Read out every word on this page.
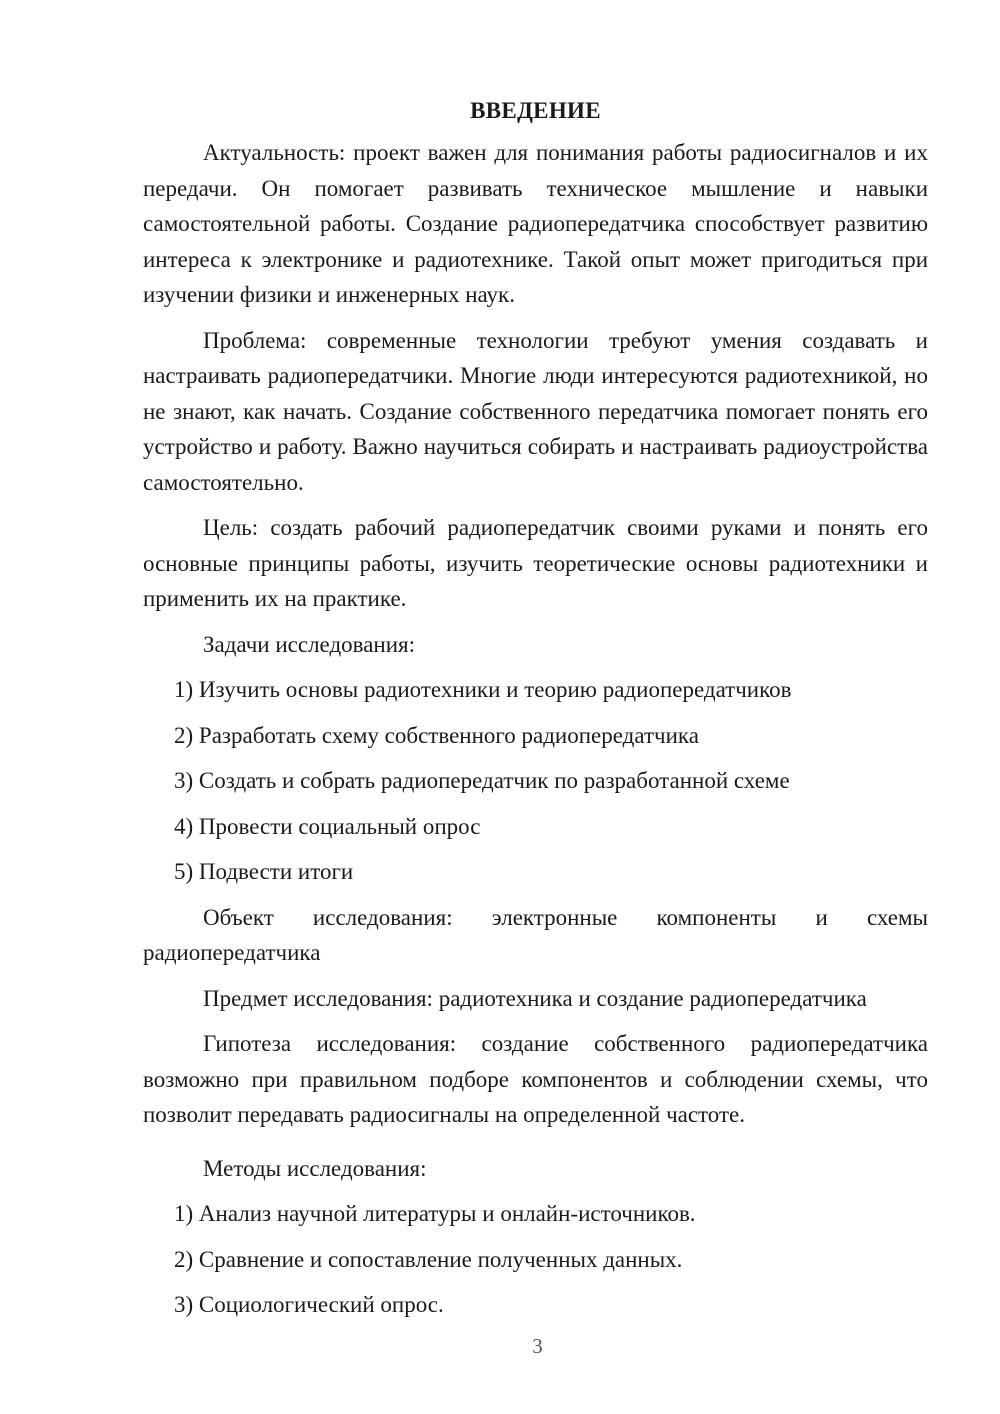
ВВЕДЕНИЕ

Актуальность: проект важен для понимания работы радиосигналов и их передачи. Он помогает развивать техническое мышление и навыки самостоятельной работы. Создание радиопередатчика способствует развитию интереса к электронике и радиотехнике. Такой опыт может пригодиться при изучении физики и инженерных наук.

Проблема: современные технологии требуют умения создавать и настраивать радиопередатчики. Многие люди интересуются радиотехникой, но не знают, как начать. Создание собственного передатчика помогает понять его устройство и работу. Важно научиться собирать и настраивать радиоустройства самостоятельно.

Цель: создать рабочий радиопередатчик своими руками и понять его основные принципы работы, изучить теоретические основы радиотехники и применить их на практике.

Задачи исследования:

1) Изучить основы радиотехники и теорию радиопередатчиков
2) Разработать схему собственного радиопередатчика
3) Создать и собрать радиопередатчик по разработанной схеме
4) Провести социальный опрос
5) Подвести итоги

Объект исследования: электронные компоненты и схемы радиопередатчика

Предмет исследования: радиотехника и создание радиопередатчика

Гипотеза исследования: создание собственного радиопередатчика возможно при правильном подборе компонентов и соблюдении схемы, что позволит передавать радиосигналы на определенной частоте.

Методы исследования:

1) Анализ научной литературы и онлайн-источников.
2) Сравнение и сопоставление полученных данных.
3) Социологический опрос.
3
